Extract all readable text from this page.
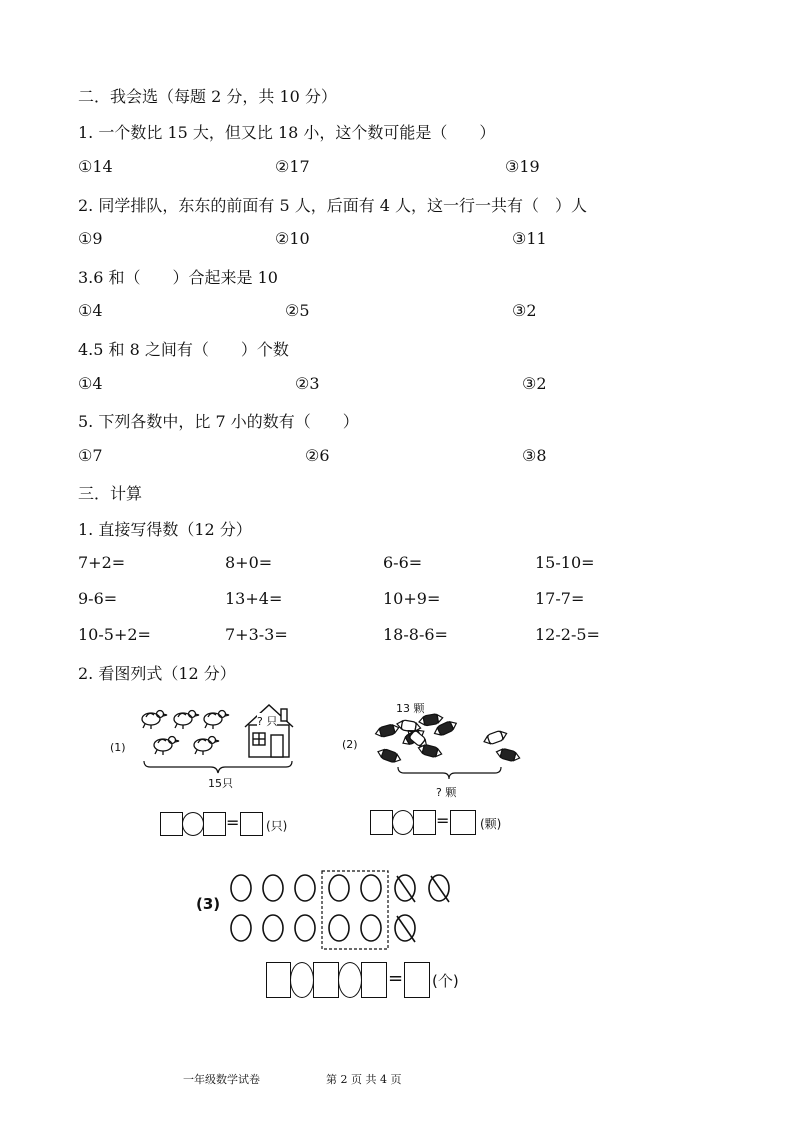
二．我会选（每题 2 分，共 10 分）
1. 一个数比 15 大，但又比 18 小，这个数可能是（　　）
①14	②17	③19
2. 同学排队，东东的前面有 5 人，后面有 4 人，这一行一共有（　）人
①9	②10	③11
3.6 和（　　）合起来是 10
①4	②5	③2
4.5 和 8 之间有（　　）个数
①4	②3	③2
5. 下列各数中，比 7 小的数有（　　）
①7	②6	③8
三．计算
1. 直接写得数（12 分）
7+2=	8+0=	6-6=	15-10=
9-6=	13+4=	10+9=	17-7=
10-5+2=	7+3-3=	18-8-6=	12-2-5=
2. 看图列式（12 分）
(1)
? 只
15只
= (只)
(2)
13 颗
? 颗
=	(颗)
(3)
= (个)
一年级数学试卷	第 2 页 共 4 页
